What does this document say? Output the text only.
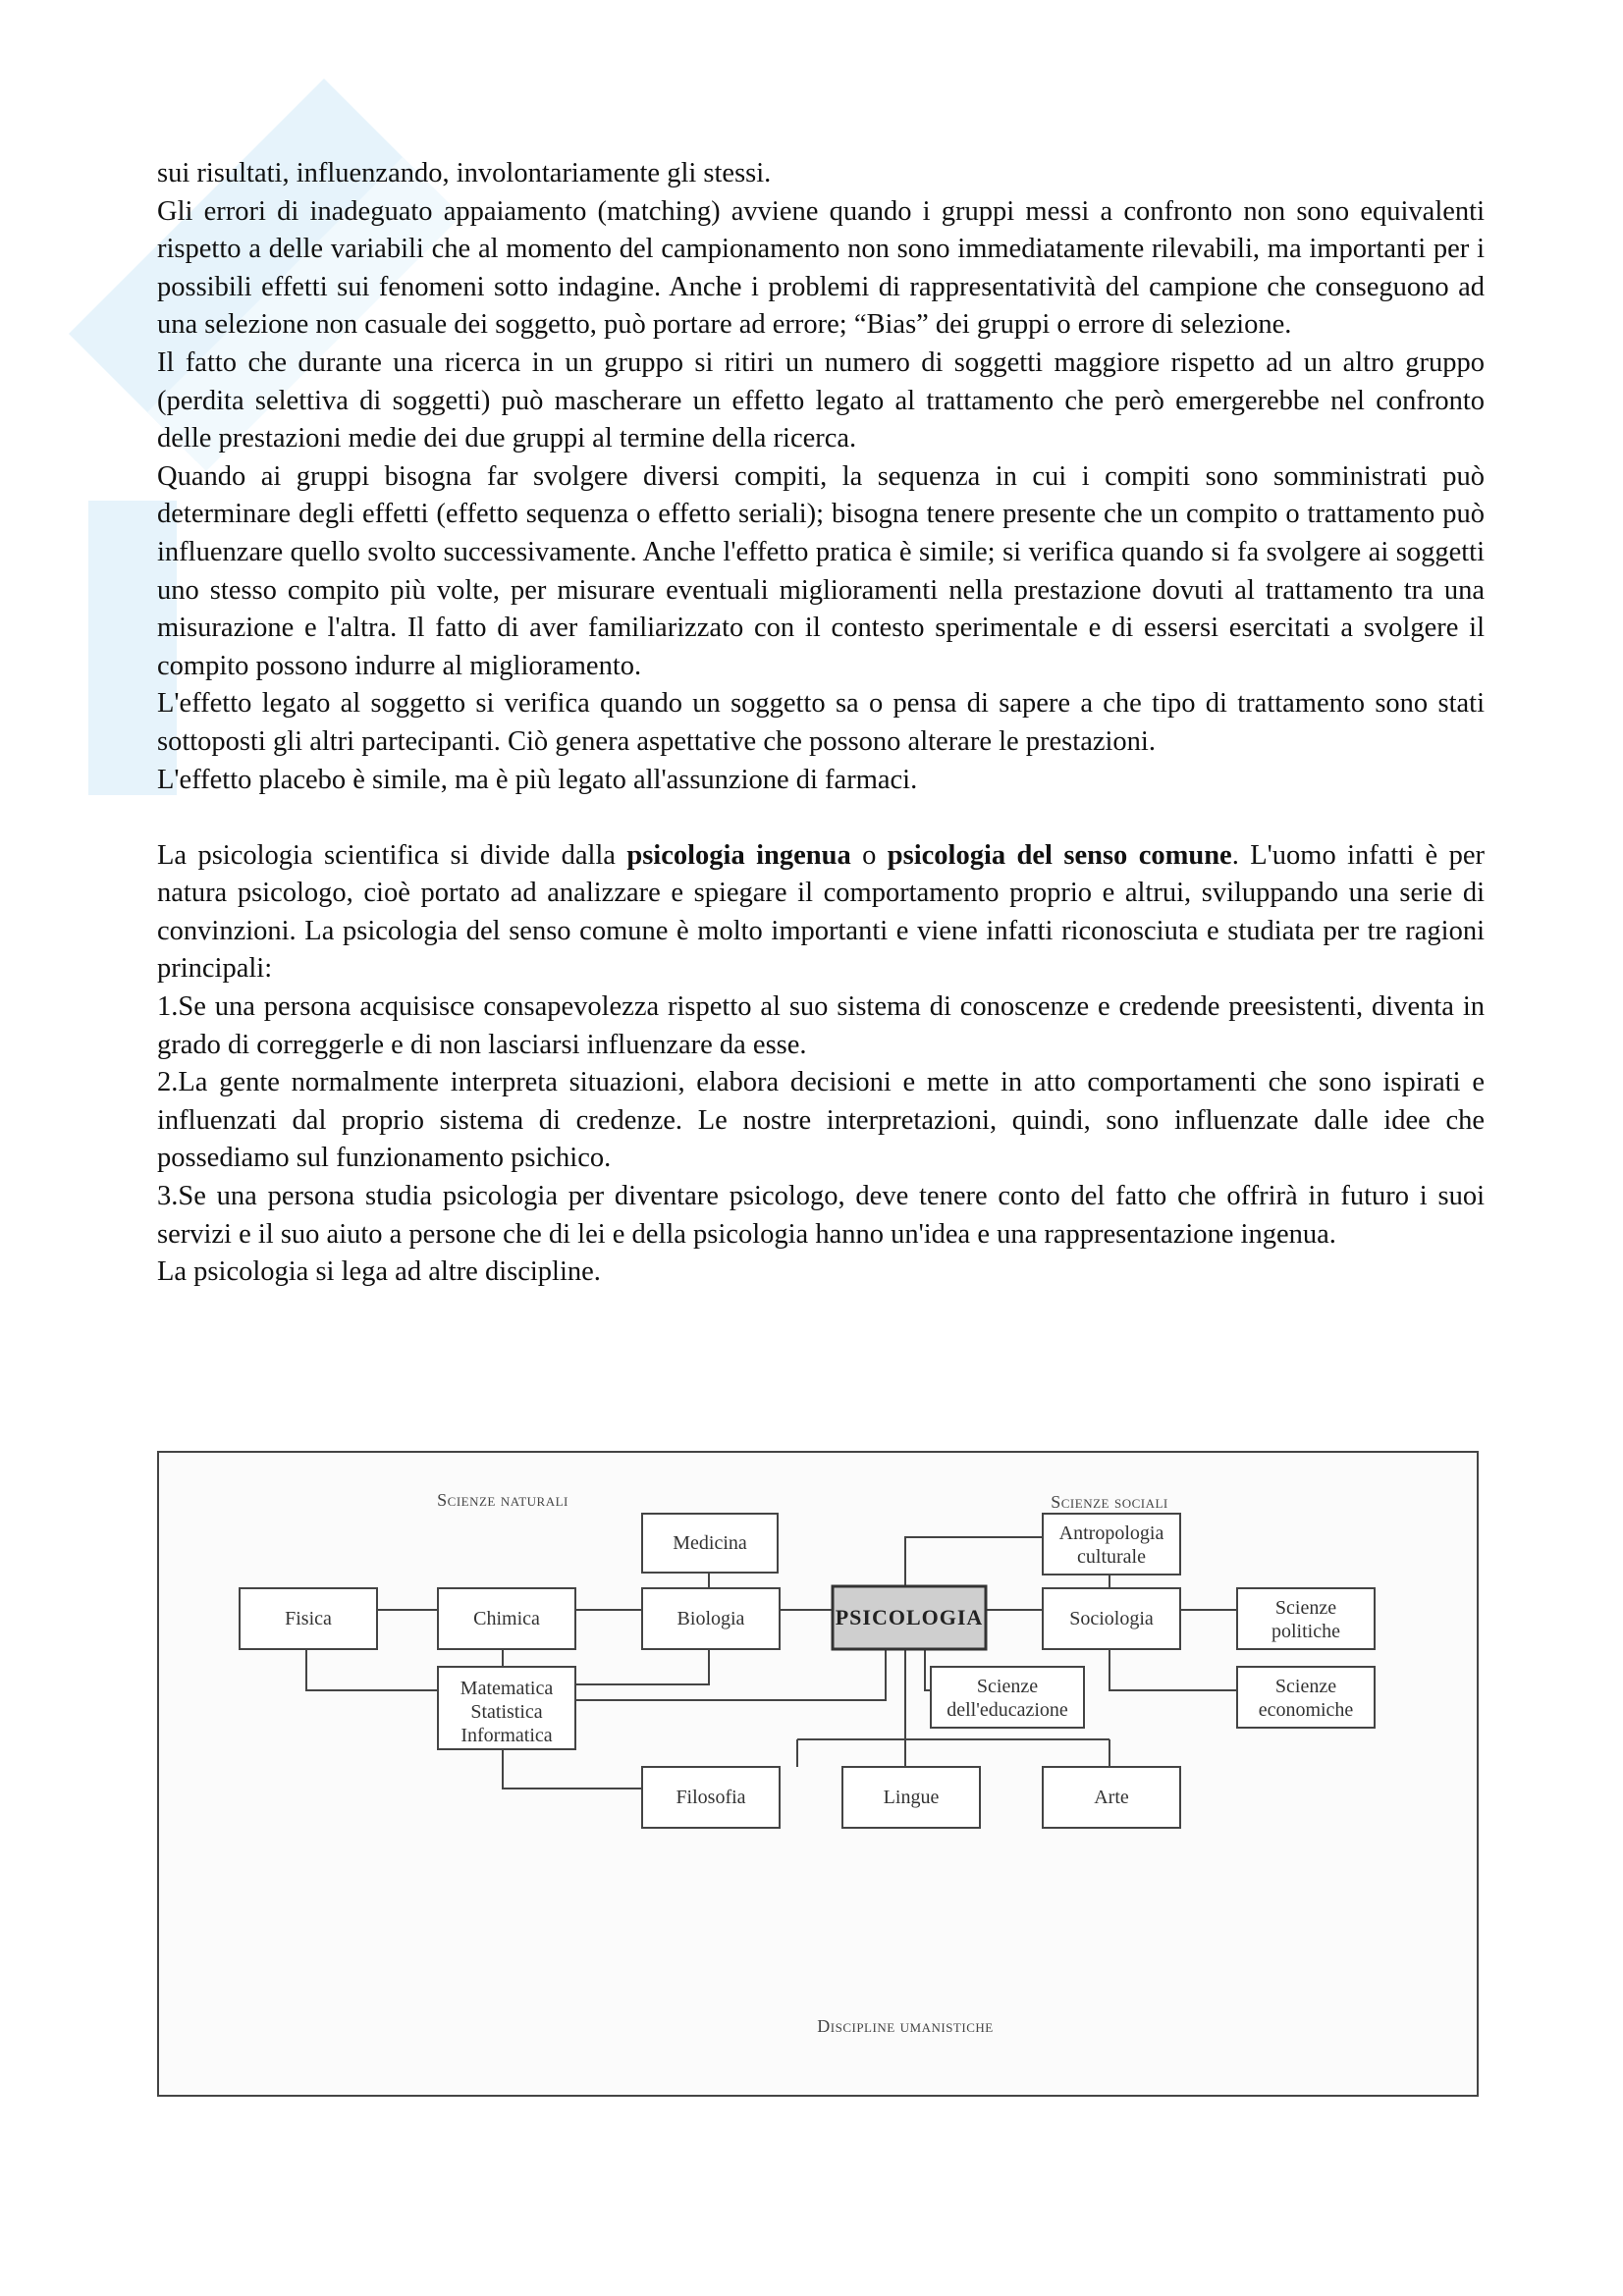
sui risultati, influenzando, involontariamente gli stessi.

Gli errori di inadeguato appaiamento (matching) avviene quando i gruppi messi a confronto non sono equivalenti rispetto a delle variabili che al momento del campionamento non sono immediatamente rilevabili, ma importanti per i possibili effetti sui fenomeni sotto indagine. Anche i problemi di rappresentatività del campione che conseguono ad una selezione non casuale dei soggetto, può portare ad errore; “Bias” dei gruppi o errore di selezione.

Il fatto che durante una ricerca in un gruppo si ritiri un numero di soggetti maggiore rispetto ad un altro gruppo (perdita selettiva di soggetti) può mascherare un effetto legato al trattamento che però emergerebbe nel confronto delle prestazioni medie dei due gruppi al termine della ricerca.

Quando ai gruppi bisogna far svolgere diversi compiti, la sequenza in cui i compiti sono somministrati può determinare degli effetti (effetto sequenza o effetto seriali); bisogna tenere presente che un compito o trattamento può influenzare quello svolto successivamente. Anche l'effetto pratica è simile; si verifica quando si fa svolgere ai soggetti uno stesso compito più volte, per misurare eventuali miglioramenti nella prestazione dovuti al trattamento tra una misurazione e l'altra. Il fatto di aver familiarizzato con il contesto sperimentale e di essersi esercitati a svolgere il compito possono indurre al miglioramento.

L'effetto legato al soggetto si verifica quando un soggetto sa o pensa di sapere a che tipo di trattamento sono stati sottoposti gli altri partecipanti. Ciò genera aspettative che possono alterare le prestazioni.

L'effetto placebo è simile, ma è più legato all'assunzione di farmaci.

La psicologia scientifica si divide dalla psicologia ingenua o psicologia del senso comune. L'uomo infatti è per natura psicologo, cioè portato ad analizzare e spiegare il comportamento proprio e altrui, sviluppando una serie di convinzioni. La psicologia del senso comune è molto importanti e viene infatti riconosciuta e studiata per tre ragioni principali:

1.Se una persona acquisisce consapevolezza rispetto al suo sistema di conoscenze e credende preesistenti, diventa in grado di correggerle e di non lasciarsi influenzare da esse.

2.La gente normalmente interpreta situazioni, elabora decisioni e mette in atto comportamenti che sono ispirati e influenzati dal proprio sistema di credenze. Le nostre interpretazioni, quindi, sono influenzate dalle idee che possediamo sul funzionamento psichico.

3.Se una persona studia psicologia per diventare psicologo, deve tenere conto del fatto che offrirà in futuro i suoi servizi e il suo aiuto a persone che di lei e della psicologia hanno un'idea e una rappresentazione ingenua.

La psicologia si lega ad altre discipline.

Scienze naturali	Scienze sociali
Discipline umanistiche
Medicina
Fisica	Chimica	Biologia	PSICOLOGIA
Antropologia
culturale
Sociologia	Scienze
politiche
Matematica
Statistica
Informatica
Scienze
dell'educazione
Scienze
economiche
Filosofia	Lingue	Arte
